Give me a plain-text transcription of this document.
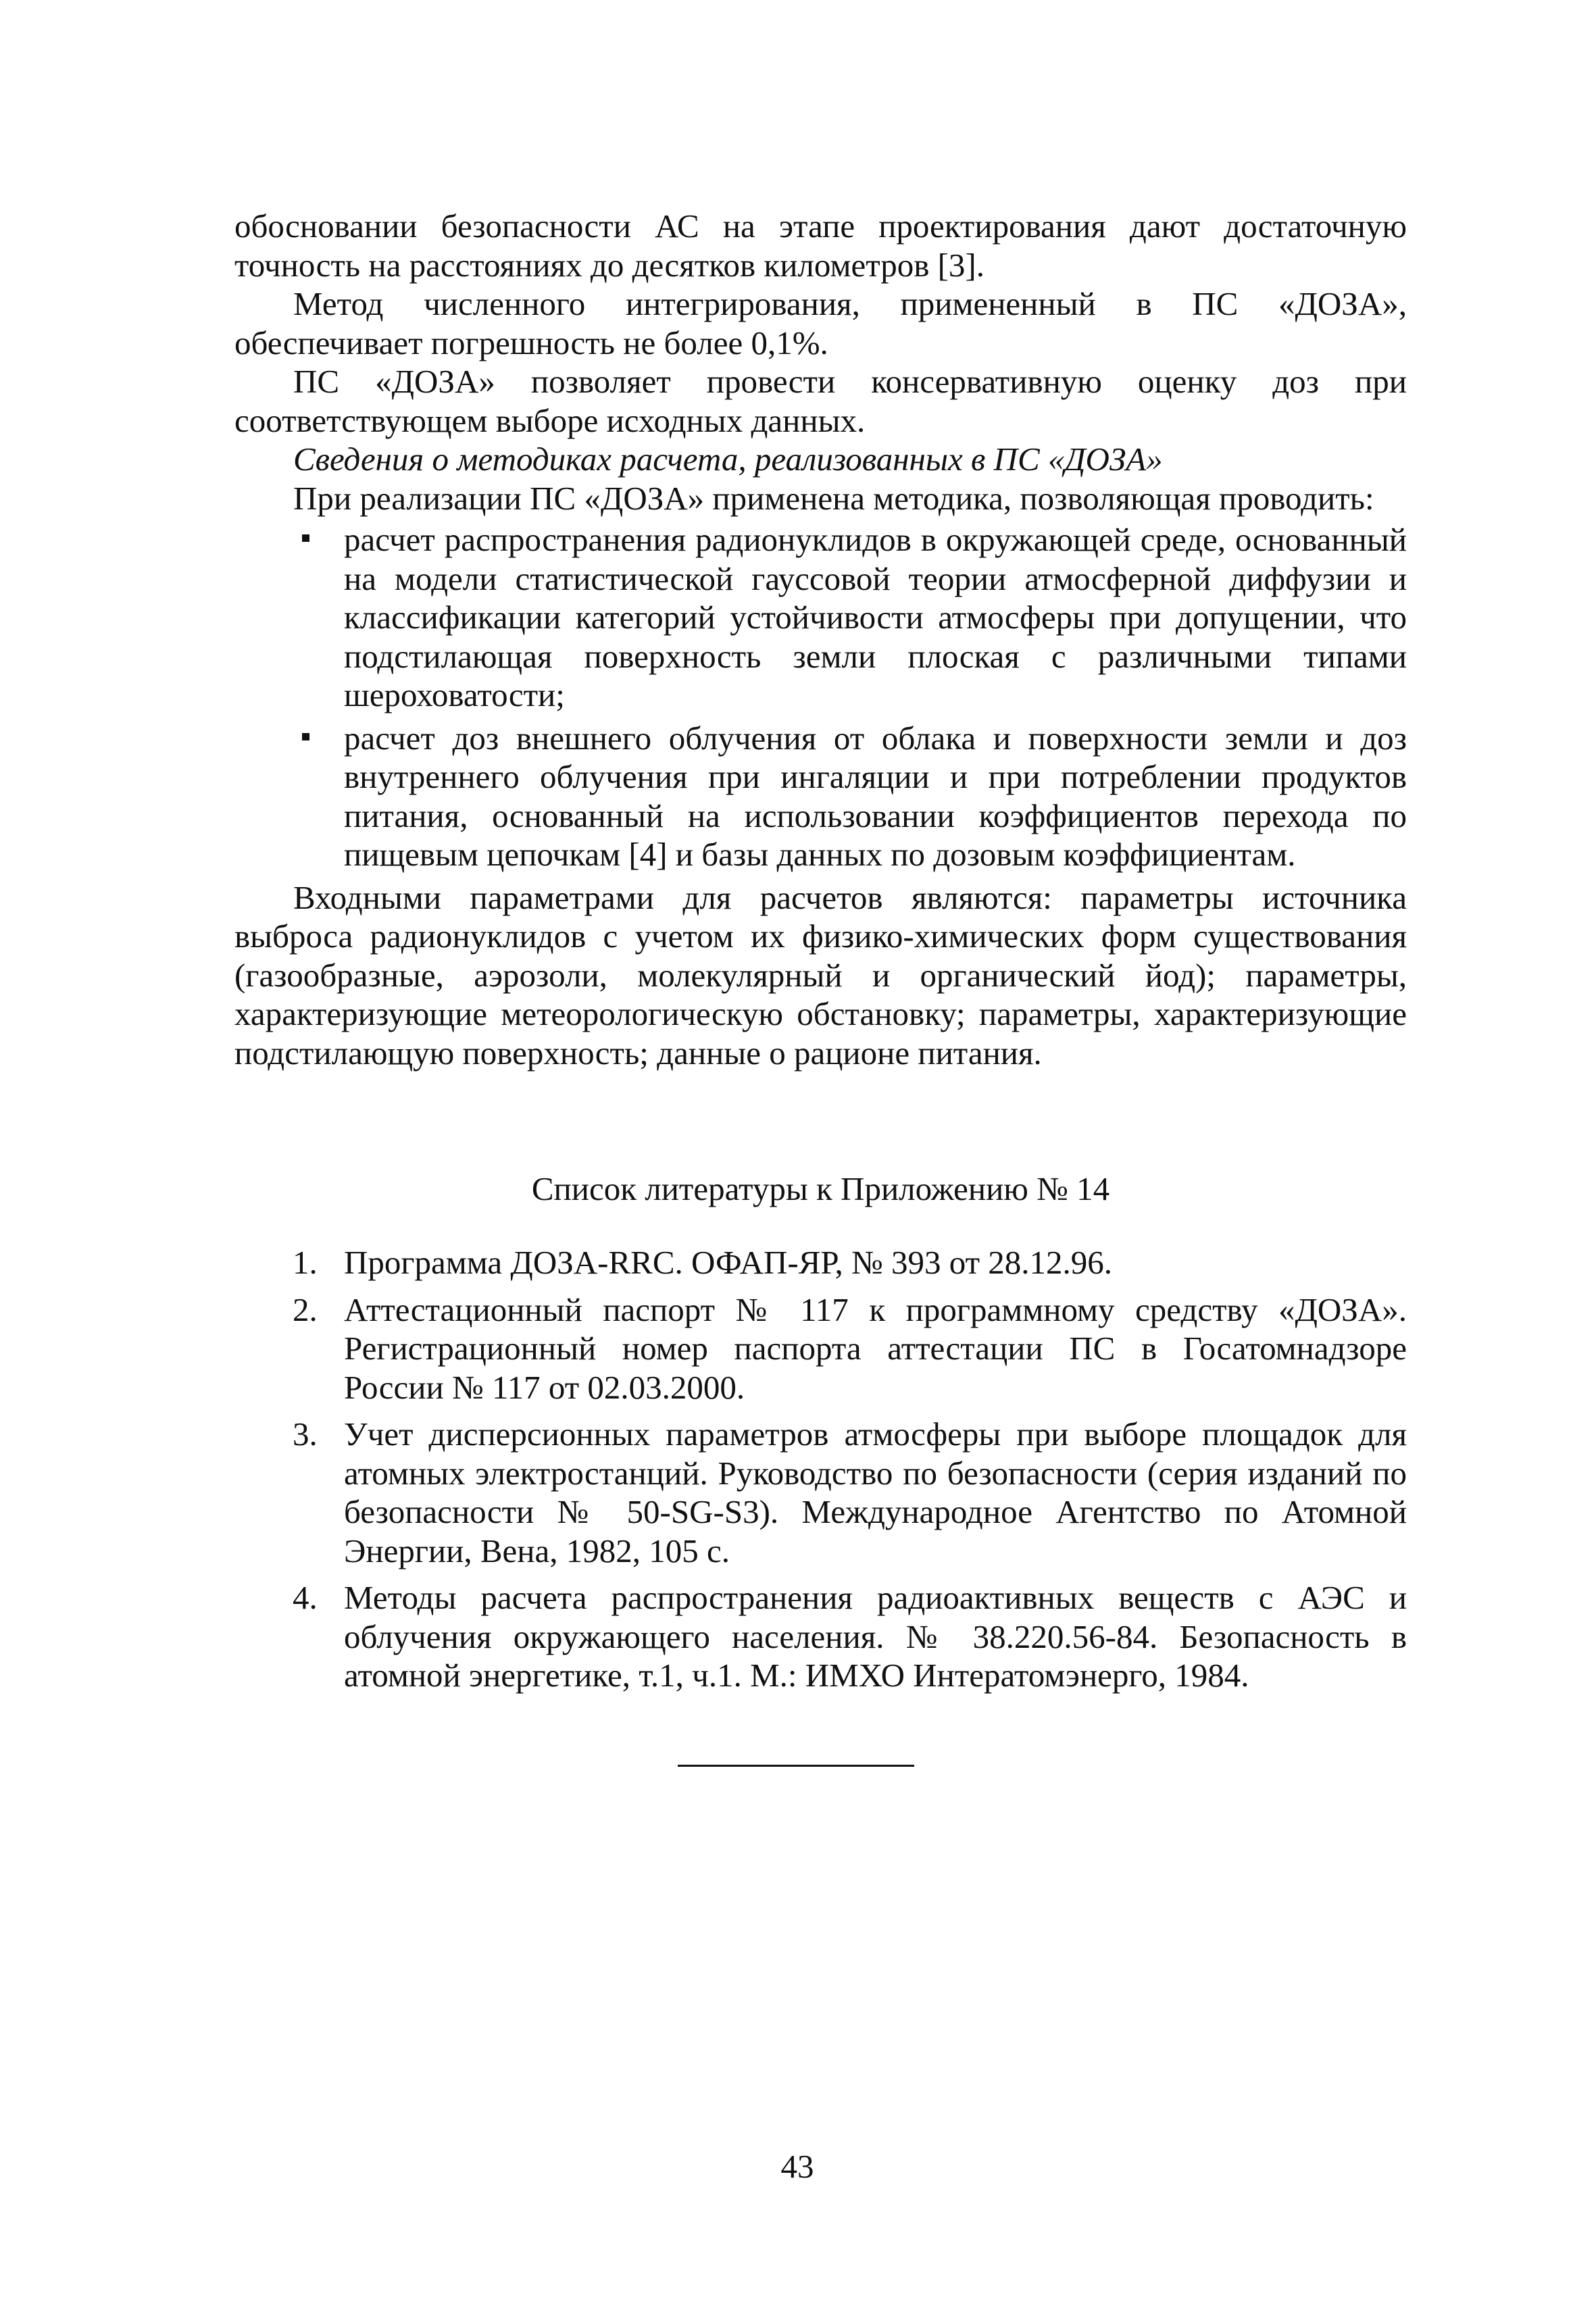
обосновании безопасности АС на этапе проектирования дают достаточную точность на расстояниях до десятков километров [3].

Метод численного интегрирования, примененный в ПС «ДОЗА», обеспечивает погрешность не более 0,1%.

ПС «ДОЗА» позволяет провести консервативную оценку доз при соответствующем выборе исходных данных.

Сведения о методиках расчета, реализованных в ПС «ДОЗА»

При реализации ПС «ДОЗА» применена методика, позволяющая проводить:

расчет распространения радионуклидов в окружающей среде, основанный на модели статистической гауссовой теории атмосферной диффузии и классификации категорий устойчивости атмосферы при допущении, что подстилающая поверхность земли плоская с различными типами шероховатости;
расчет доз внешнего облучения от облака и поверхности земли и доз внутреннего облучения при ингаляции и при потреблении продуктов питания, основанный на использовании коэффициентов перехода по пищевым цепочкам [4] и базы данных по дозовым коэффициентам.

Входными параметрами для расчетов являются: параметры источника выброса радионуклидов с учетом их физико-химических форм существования (газообразные, аэрозоли, молекулярный и органический йод); параметры, характеризующие метеорологическую обстановку; параметры, характеризующие подстилающую поверхность; данные о рационе питания.

Список литературы к Приложению № 14
1. Программа ДОЗА-RRC. ОФАП-ЯР, № 393 от 28.12.96.
2. Аттестационный паспорт № 117 к программному средству «ДОЗА». Регистрационный номер паспорта аттестации ПС в Госатомнадзоре России № 117 от 02.03.2000.
3. Учет дисперсионных параметров атмосферы при выборе площадок для атомных электростанций. Руководство по безопасности (серия изданий по безопасности № 50-SG-S3). Международное Агентство по Атомной Энергии, Вена, 1982, 105 с.
4. Методы расчета распространения радиоактивных веществ с АЭС и облучения окружающего населения. № 38.220.56-84. Безопасность в атомной энергетике, т.1, ч.1. М.: ИМХО Интератомэнерго, 1984.
43
